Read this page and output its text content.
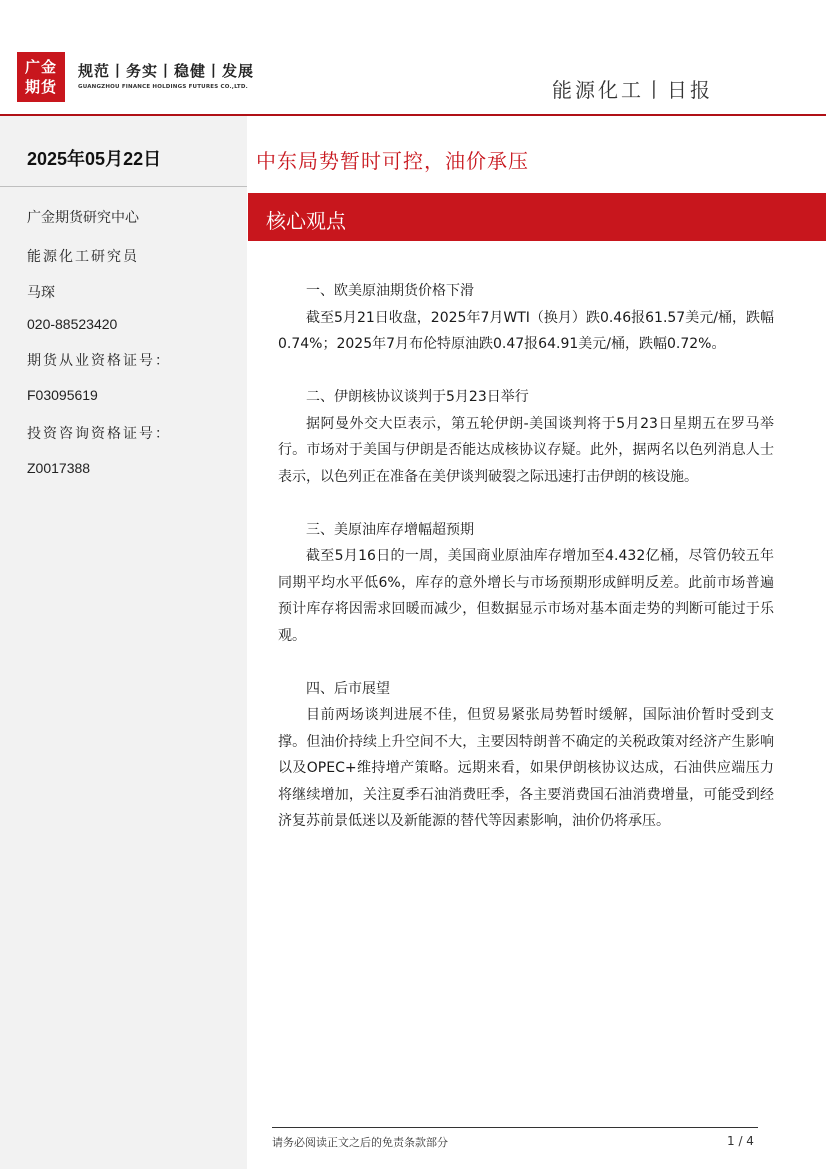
广金
期货
规范丨务实丨稳健丨发展
GUANGZHOU FINANCE HOLDINGS FUTURES CO.,LTD.	能源化工丨日报
2025年05月22日
广金期货研究中心
能源化工研究员
马琛
020-88523420
期货从业资格证号：
F03095619
投资咨询资格证号：
Z0017388
中东局势暂时可控，油价承压
核心观点

一、欧美原油期货价格下滑

截至5月21日收盘，2025年7月WTI（换月）跌0.46报61.57美元/桶，跌幅0.74%；2025年7月布伦特原油跌0.47报64.91美元/桶，跌幅0.72%。

二、伊朗核协议谈判于5月23日举行

据阿曼外交大臣表示，第五轮伊朗-美国谈判将于5月23日星期五在罗马举行。市场对于美国与伊朗是否能达成核协议存疑。此外，据两名以色列消息人士表示，以色列正在准备在美伊谈判破裂之际迅速打击伊朗的核设施。

三、美原油库存增幅超预期

截至5月16日的一周，美国商业原油库存增加至4.432亿桶，尽管仍较五年同期平均水平低6%，库存的意外增长与市场预期形成鲜明反差。此前市场普遍预计库存将因需求回暖而减少，但数据显示市场对基本面走势的判断可能过于乐观。

四、后市展望

目前两场谈判进展不佳，但贸易紧张局势暂时缓解，国际油价暂时受到支撑。但油价持续上升空间不大，主要因特朗普不确定的关税政策对经济产生影响以及OPEC+维持增产策略。远期来看，如果伊朗核协议达成，石油供应端压力将继续增加，关注夏季石油消费旺季，各主要消费国石油消费增量，可能受到经济复苏前景低迷以及新能源的替代等因素影响，油价仍将承压。

请务必阅读正文之后的免责条款部分	1 / 4
